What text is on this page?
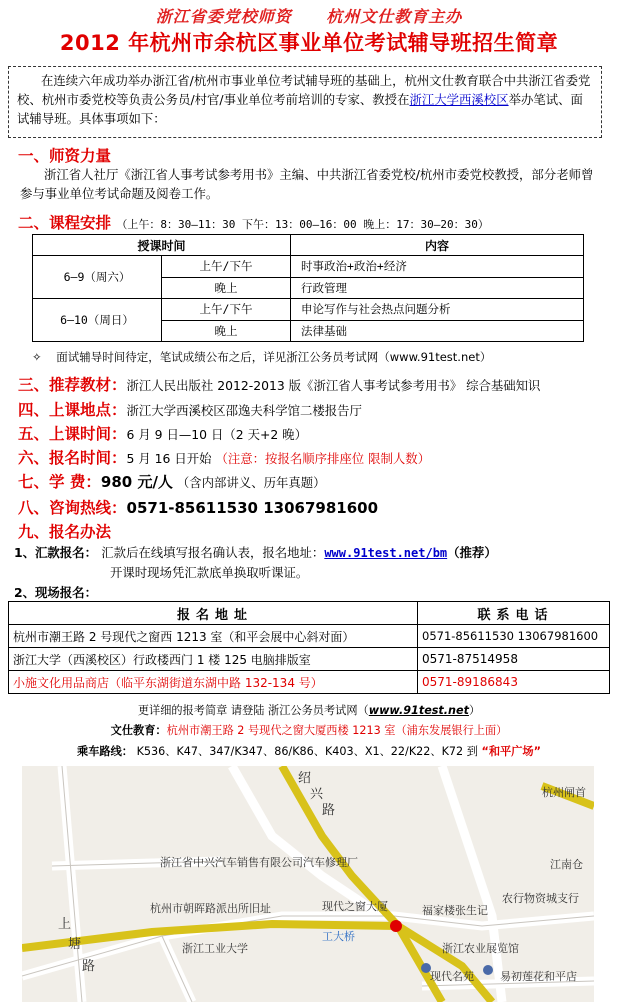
浙江省委党校师资 杭州文仕教育主办
2012 年杭州市余杭区事业单位考试辅导班招生简章
在连续六年成功举办浙江省/杭州市事业单位考试辅导班的基础上，杭州文仕教育联合中共浙江省委党校、杭州市委党校等负责公务员/村官/事业单位考前培训的专家、教授在浙江大学西溪校区举办笔试、面试辅导班。具体事项如下：
一、师资力量
浙江省人社厅《浙江省人事考试参考用书》主编、中共浙江省委党校/杭州市委党校教授，部分老师曾参与事业单位考试命题及阅卷工作。
二、课程安排 （上午：8：30—11：30 下午：13：00—16：00 晚上：17：30—20：30）
授课时间		内容
6—9（周六）	上午/下午	时事政治+政治+经济
	晚上	行政管理
6—10（周日）	上午/下午	申论写作与社会热点问题分析
	晚上	法律基础
✧ 面试辅导时间待定，笔试成绩公布之后，详见浙江公务员考试网（www.91test.net）
三、推荐教材：浙江人民出版社 2012-2013 版《浙江省人事考试参考用书》 综合基础知识
四、上课地点：浙江大学西溪校区邵逸夫科学馆二楼报告厅
五、上课时间：6 月 9 日—10 日（2 天+2 晚）
六、报名时间：5 月 16 日开始 （注意：按报名顺序排座位 限制人数）
七、学 费：980 元/人 （含内部讲义、历年真题）
八、咨询热线：0571-85611530 13067981600
九、报名办法
1、汇款报名： 汇款后在线填写报名确认表，报名地址：www.91test.net/bm（推荐）
开课时现场凭汇款底单换取听课证。
2、现场报名：
报名地址	联系电话
杭州市潮王路 2 号现代之窗西 1213 室（和平会展中心斜对面）	0571-85611530 13067981600
浙江大学（西溪校区）行政楼西门 1 楼 125 电脑排版室	0571-87514958
小施文化用品商店（临平东湖街道东湖中路 132-134 号）	0571-89186843
更详细的报考简章 请登陆 浙江公务员考试网（www.91test.net）
文仕教育：杭州市潮王路 2 号现代之窗大厦西楼 1213 室（浦东发展银行上面）
乘车路线： K536、K47、347/K347、86/K86、K403、X1、22/K22、K72 到 “和平广场”
绍
兴
路
杭州闸首
浙江省中兴汽车销售有限公司汽车修理厂	江南仓
农行物资城支行
杭州市朝晖路派出所旧址	现代之窗大厦	福家楼张生记
上
塘
路
工大桥
浙江工业大学	浙江农业展览馆
现代名苑 易初莲花和平店
